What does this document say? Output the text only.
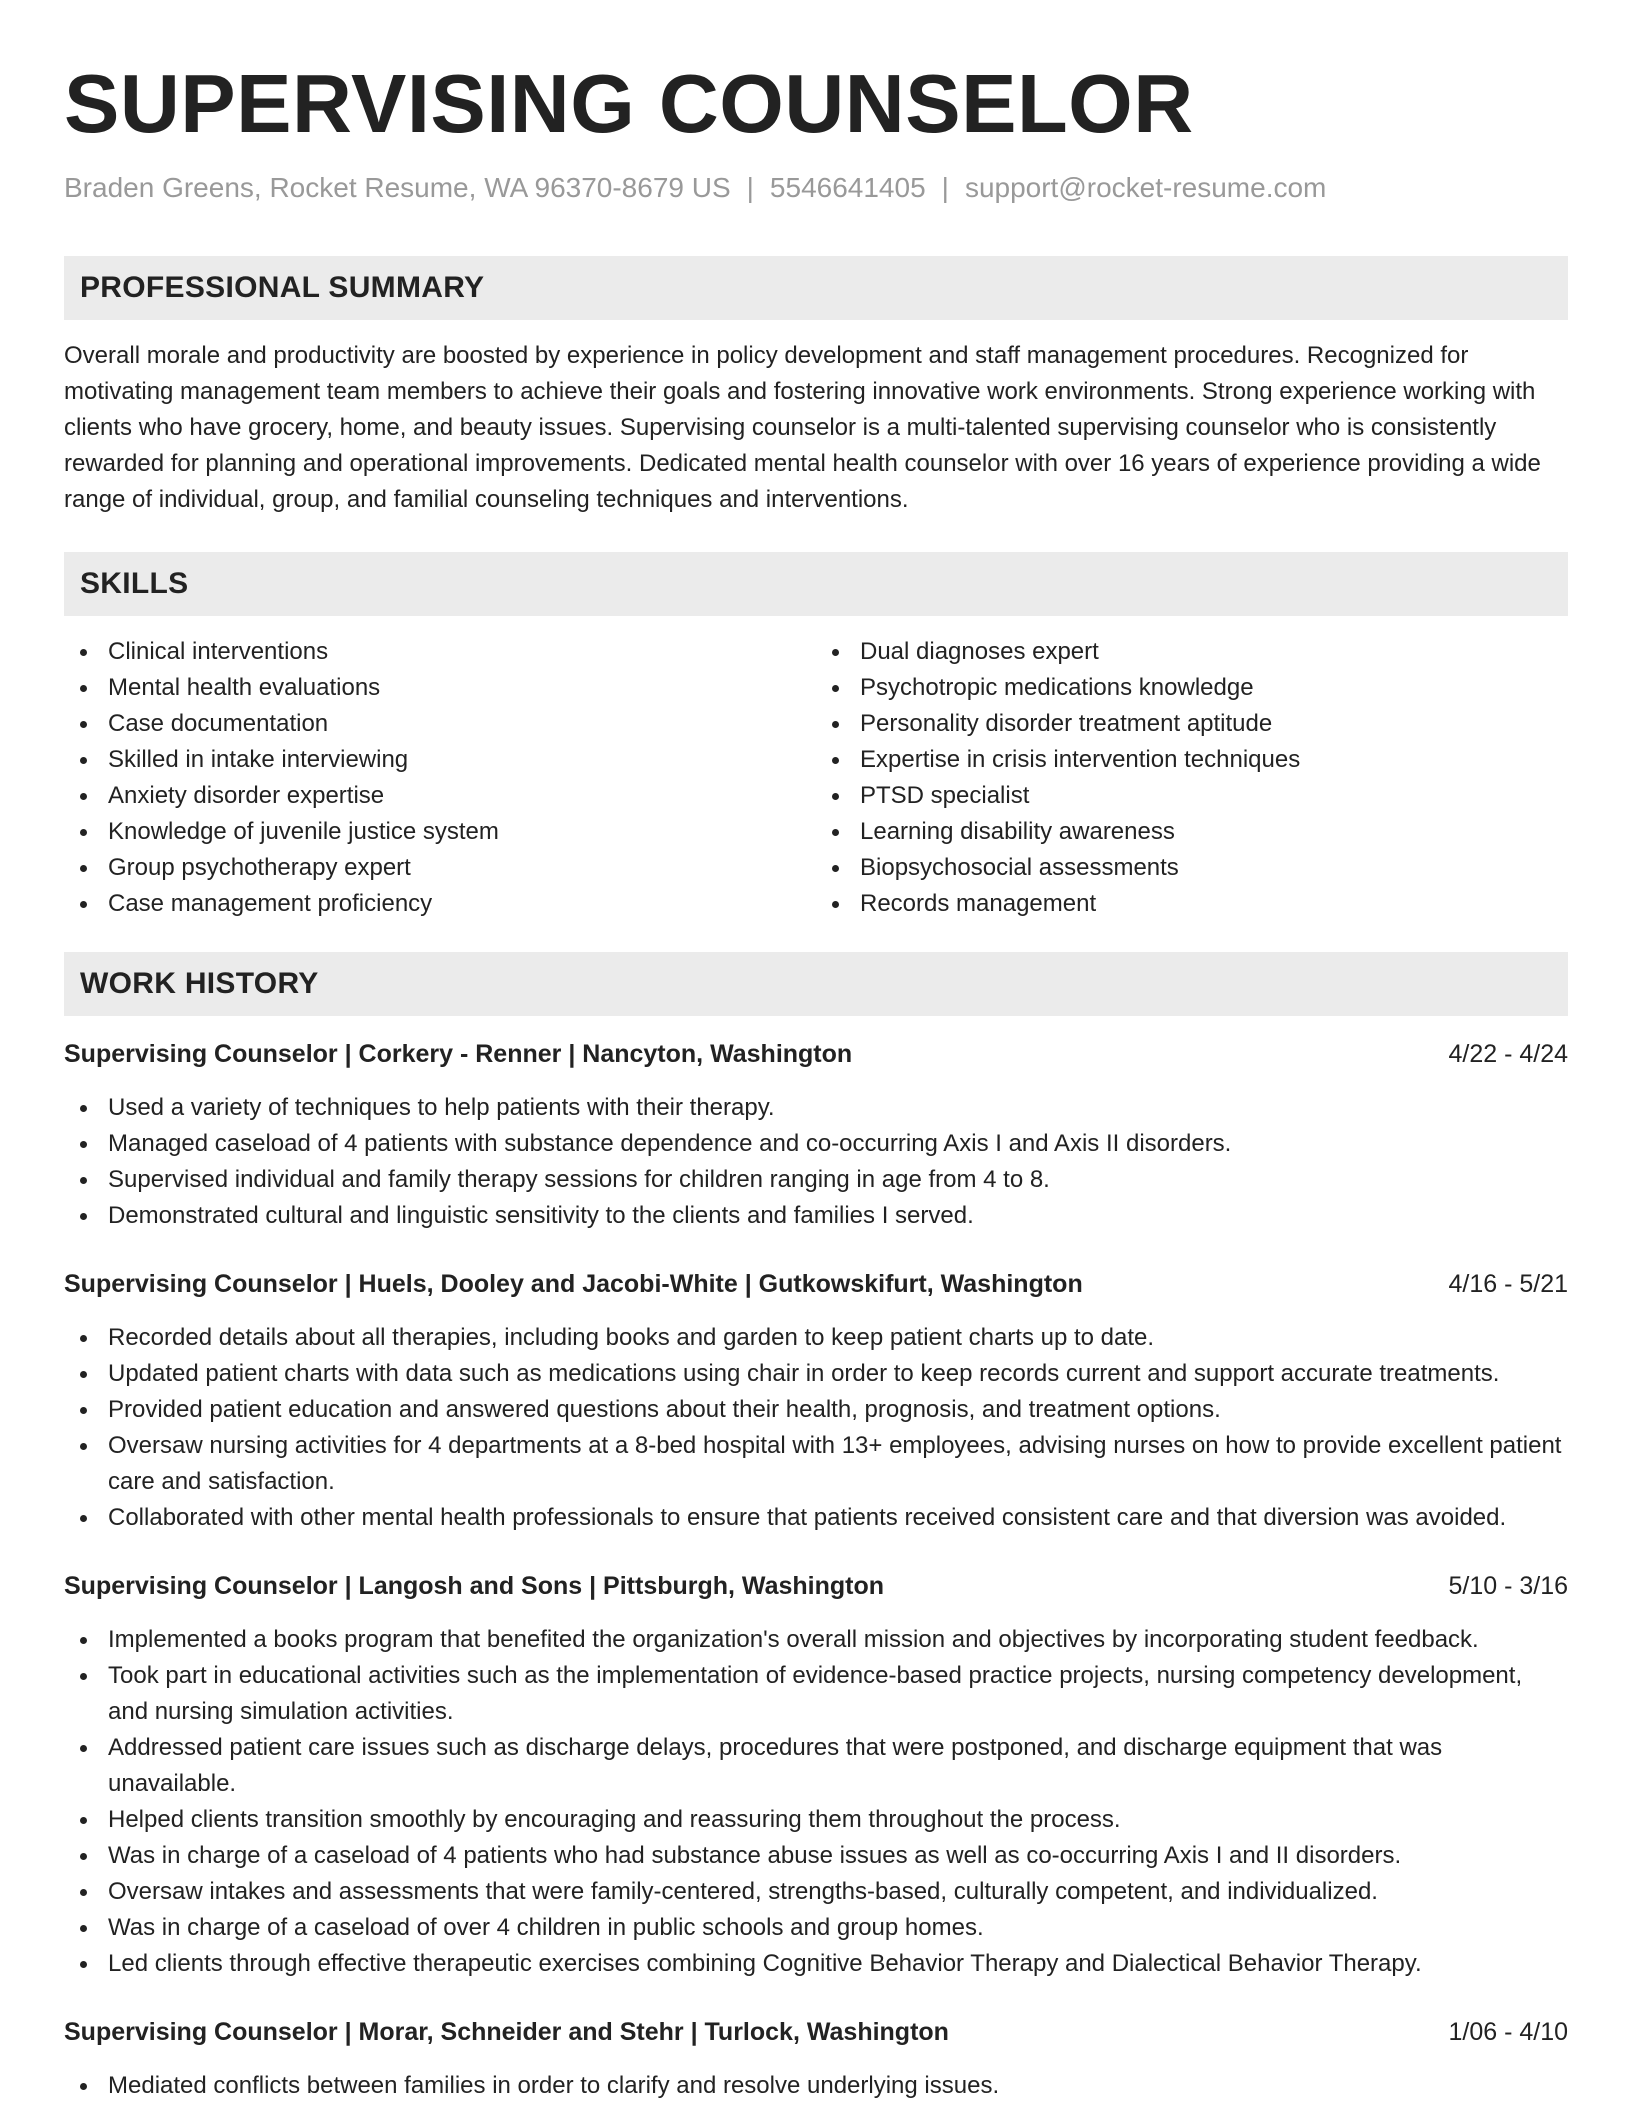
SUPERVISING COUNSELOR
Braden Greens, Rocket Resume, WA 96370-8679 US | 5546641405 | support@rocket-resume.com
PROFESSIONAL SUMMARY

Overall morale and productivity are boosted by experience in policy development and staff management procedures. Recognized for motivating management team members to achieve their goals and fostering innovative work environments. Strong experience working with clients who have grocery, home, and beauty issues. Supervising counselor is a multi-talented supervising counselor who is consistently rewarded for planning and operational improvements. Dedicated mental health counselor with over 16 years of experience providing a wide range of individual, group, and familial counseling techniques and interventions.

SKILLS
Clinical interventions
Mental health evaluations
Case documentation
Skilled in intake interviewing
Anxiety disorder expertise
Knowledge of juvenile justice system
Group psychotherapy expert
Case management proficiency
Dual diagnoses expert
Psychotropic medications knowledge
Personality disorder treatment aptitude
Expertise in crisis intervention techniques
PTSD specialist
Learning disability awareness
Biopsychosocial assessments
Records management
WORK HISTORY
Supervising Counselor | Corkery - Renner | Nancyton, Washington	4/22 - 4/24
Used a variety of techniques to help patients with their therapy.
Managed caseload of 4 patients with substance dependence and co-occurring Axis I and Axis II disorders.
Supervised individual and family therapy sessions for children ranging in age from 4 to 8.
Demonstrated cultural and linguistic sensitivity to the clients and families I served.
Supervising Counselor | Huels, Dooley and Jacobi-White | Gutkowskifurt, Washington	4/16 - 5/21
Recorded details about all therapies, including books and garden to keep patient charts up to date.
Updated patient charts with data such as medications using chair in order to keep records current and support accurate treatments.
Provided patient education and answered questions about their health, prognosis, and treatment options.
Oversaw nursing activities for 4 departments at a 8-bed hospital with 13+ employees, advising nurses on how to provide excellent patient care and satisfaction.
Collaborated with other mental health professionals to ensure that patients received consistent care and that diversion was avoided.
Supervising Counselor | Langosh and Sons | Pittsburgh, Washington	5/10 - 3/16
Implemented a books program that benefited the organization's overall mission and objectives by incorporating student feedback.
Took part in educational activities such as the implementation of evidence-based practice projects, nursing competency development, and nursing simulation activities.
Addressed patient care issues such as discharge delays, procedures that were postponed, and discharge equipment that was unavailable.
Helped clients transition smoothly by encouraging and reassuring them throughout the process.
Was in charge of a caseload of 4 patients who had substance abuse issues as well as co-occurring Axis I and II disorders.
Oversaw intakes and assessments that were family-centered, strengths-based, culturally competent, and individualized.
Was in charge of a caseload of over 4 children in public schools and group homes.
Led clients through effective therapeutic exercises combining Cognitive Behavior Therapy and Dialectical Behavior Therapy.
Supervising Counselor | Morar, Schneider and Stehr | Turlock, Washington	1/06 - 4/10
Mediated conflicts between families in order to clarify and resolve underlying issues.
